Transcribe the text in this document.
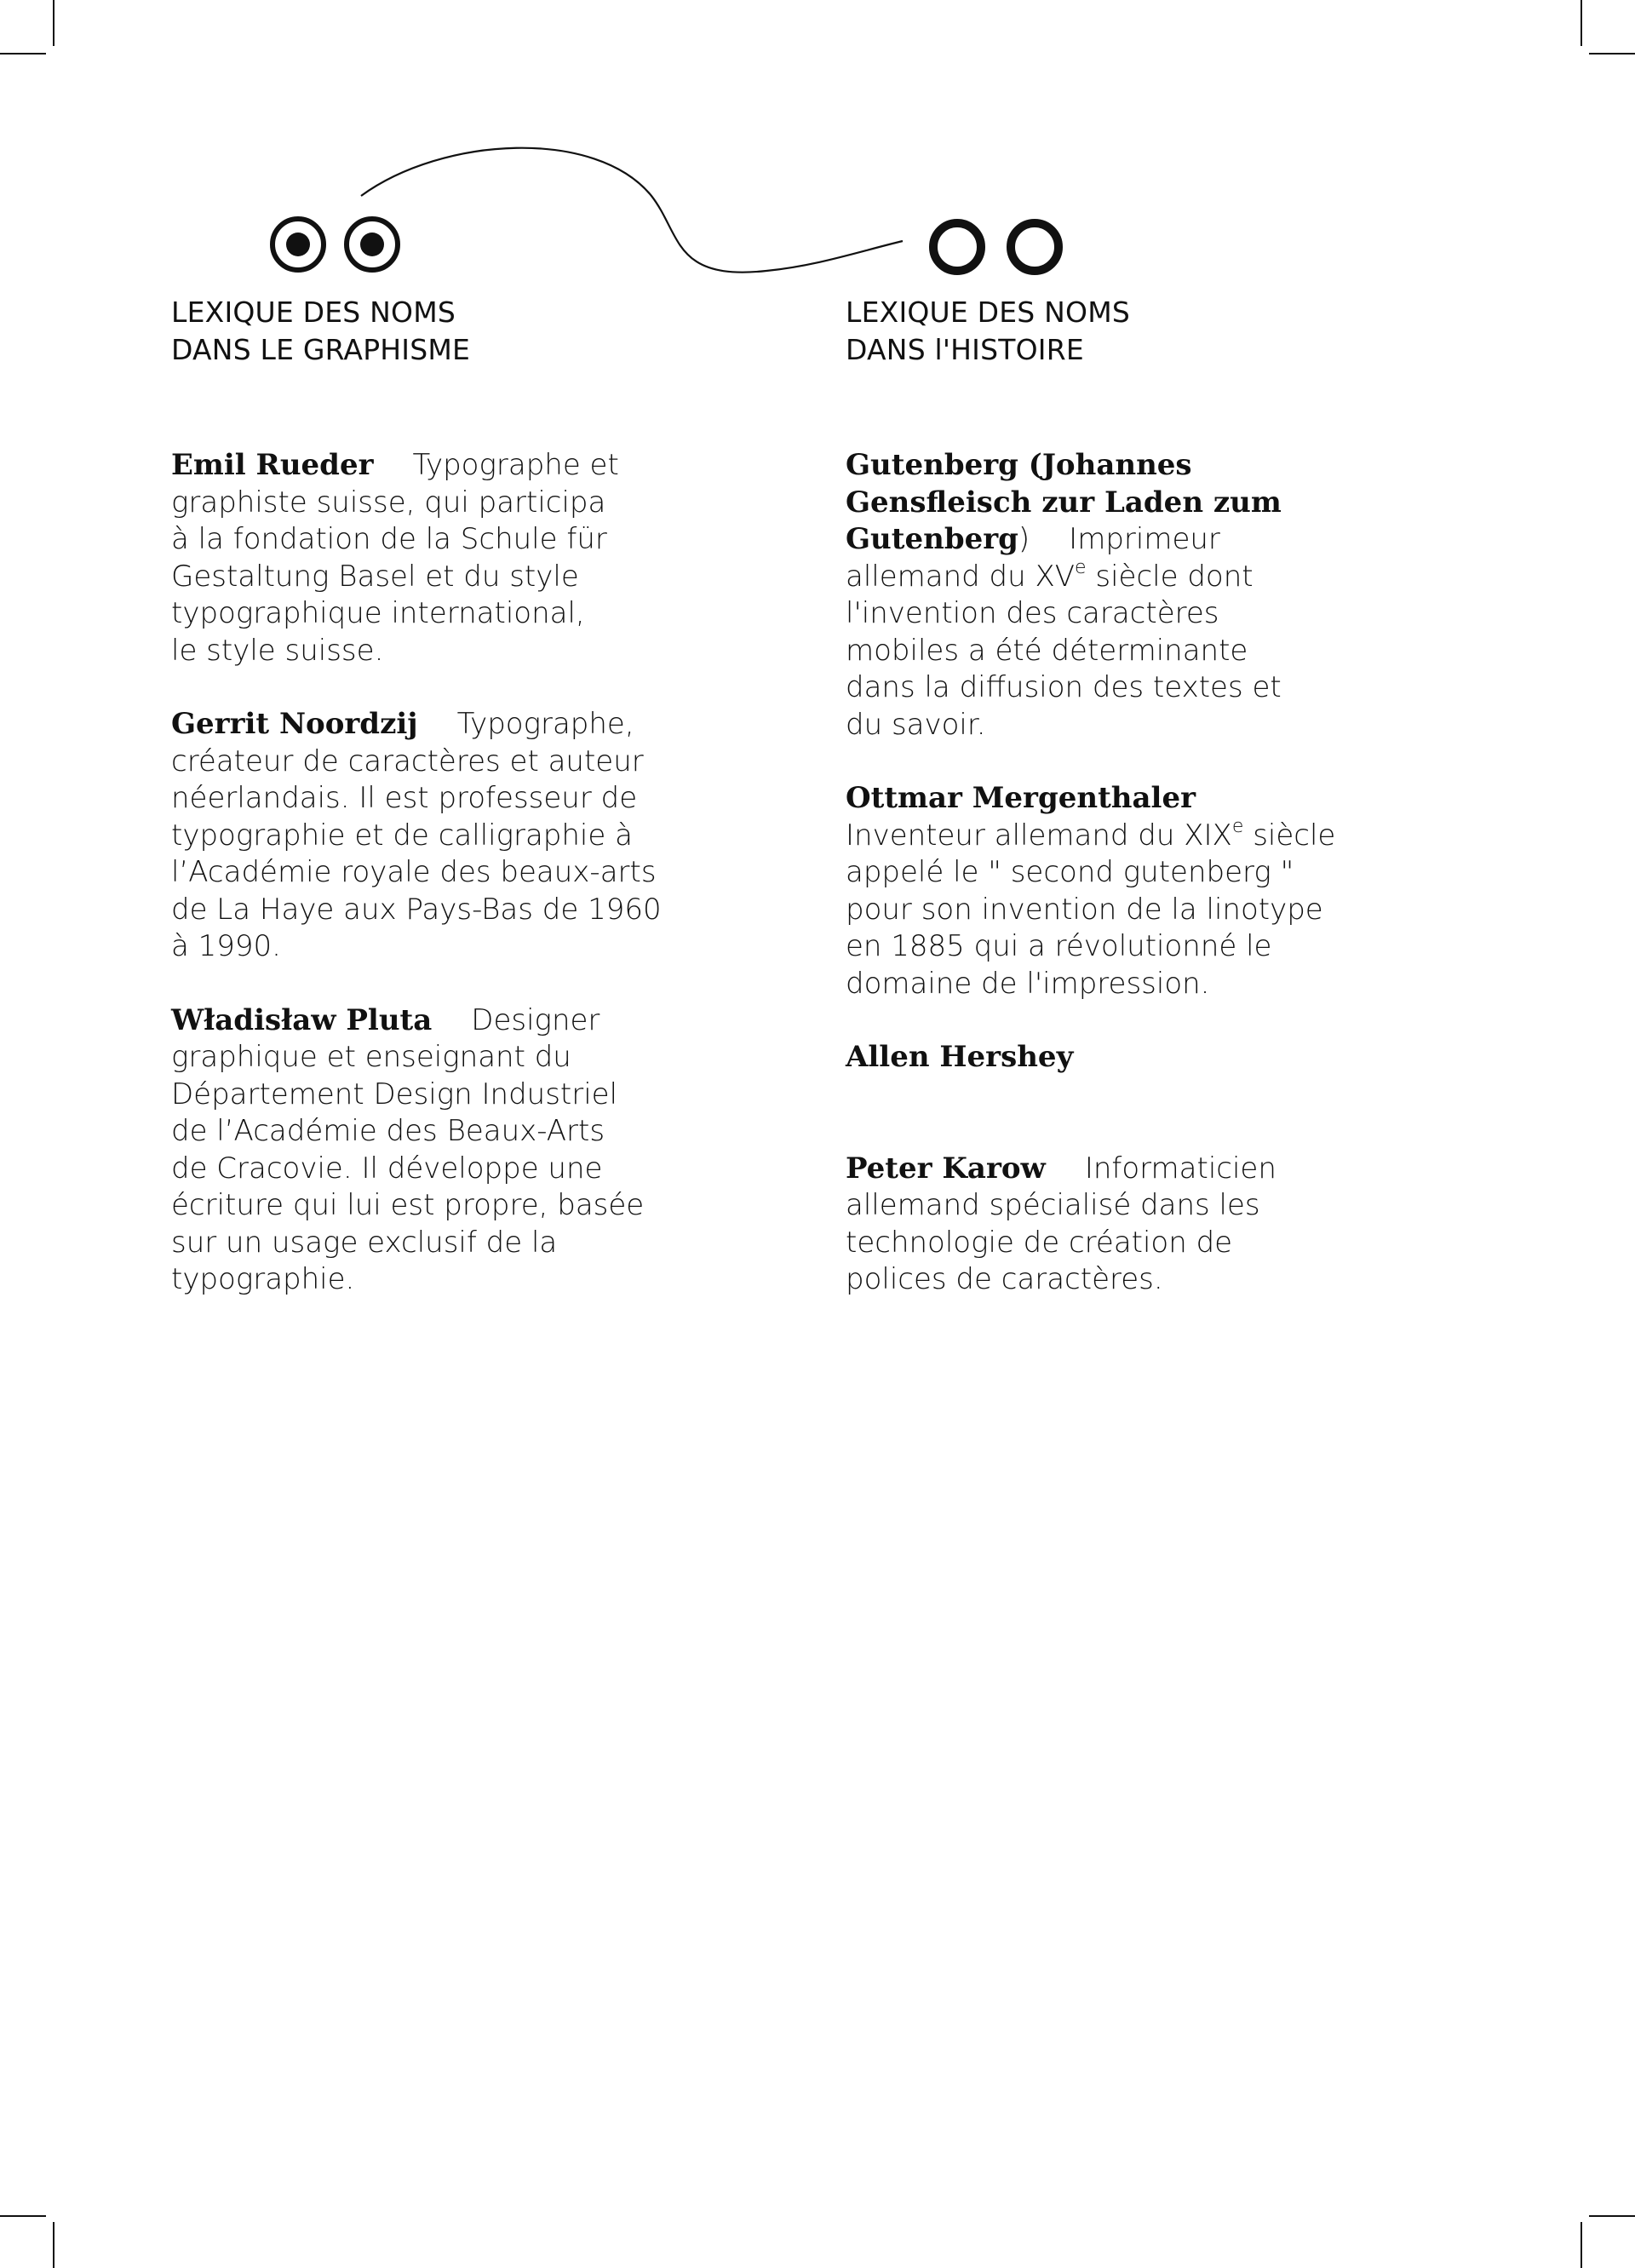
LEXIQUE DES NOMS
DANS LE GRAPHISME

Emil Rueder Typographe et
graphiste suisse, qui participa
à la fondation de la Schule für
Gestaltung Basel et du style
typographique international,
le style suisse.

Gerrit Noordzij Typographe,
créateur de caractères et auteur
néerlandais. Il est professeur de
typographie et de calligraphie à
l’Académie royale des beaux-arts
de La Haye aux Pays-Bas de 1960
à 1990.

Władisław Pluta Designer
graphique et enseignant du
Département Design Industriel
de l’Académie des Beaux-Arts
de Cracovie. Il développe une
écriture qui lui est propre, basée
sur un usage exclusif de la
typographie.

LEXIQUE DES NOMS
DANS l'HISTOIRE

Gutenberg (Johannes
Gensfleisch zur Laden zum
Gutenberg) Imprimeur
allemand du XVe siècle dont
l'invention des caractères
mobiles a été déterminante
dans la diffusion des textes et
du savoir.

Ottmar Mergenthaler
Inventeur allemand du XIXe siècle
appelé le " second gutenberg "
pour son invention de la linotype
en 1885 qui a révolutionné le
domaine de l'impression.

Allen Hershey

Peter Karow Informaticien
allemand spécialisé dans les
technologie de création de
polices de caractères.
